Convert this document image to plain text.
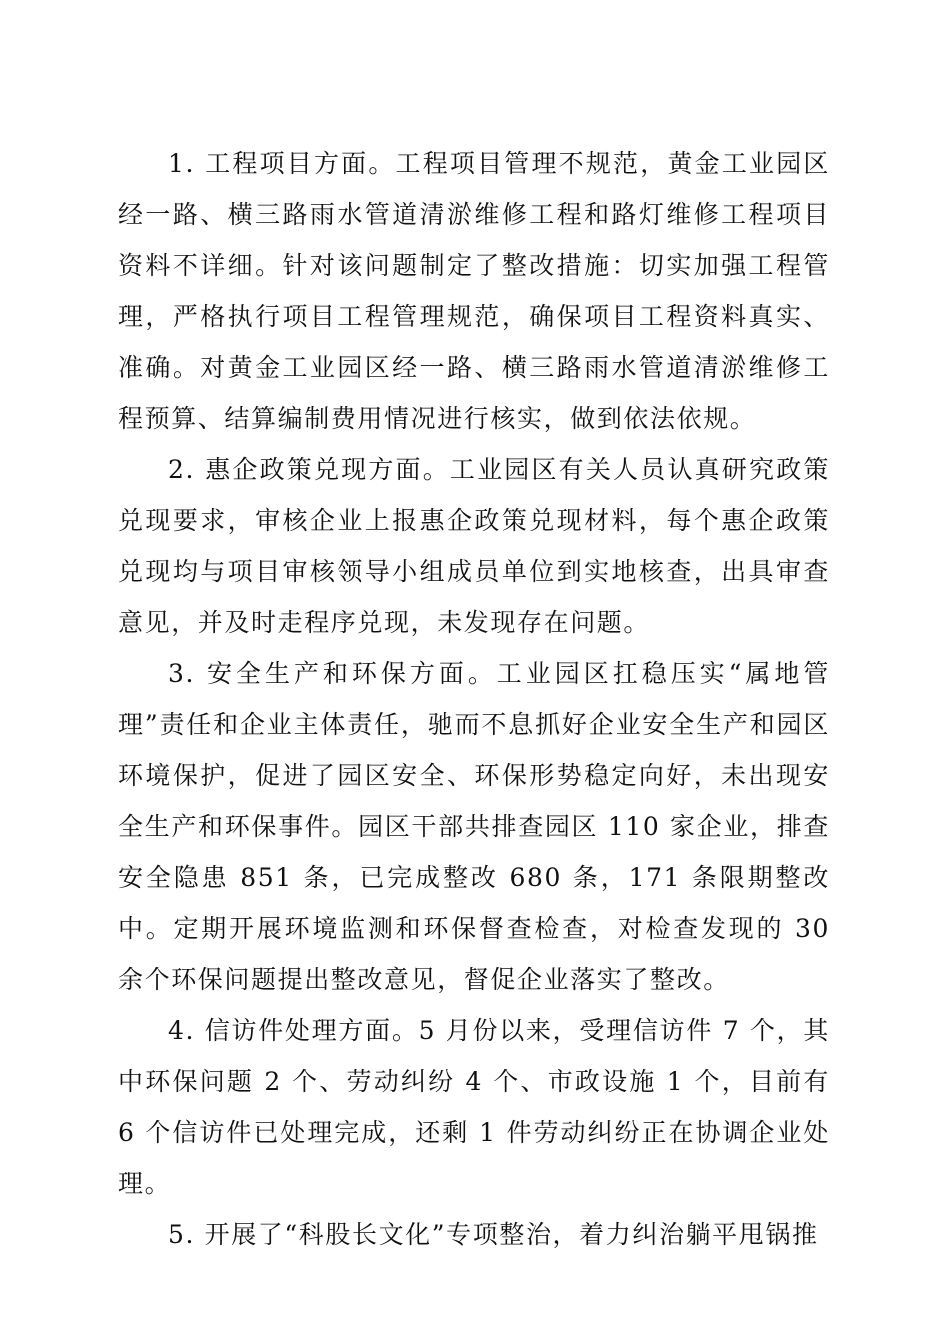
1. 工程项目方面。工程项目管理不规范，黄金工业园区经一路、横三路雨水管道清淤维修工程和路灯维修工程项目资料不详细。针对该问题制定了整改措施：切实加强工程管理，严格执行项目工程管理规范，确保项目工程资料真实、准确。对黄金工业园区经一路、横三路雨水管道清淤维修工程预算、结算编制费用情况进行核实，做到依法依规。

2. 惠企政策兑现方面。工业园区有关人员认真研究政策兑现要求，审核企业上报惠企政策兑现材料，每个惠企政策兑现均与项目审核领导小组成员单位到实地核查，出具审查意见，并及时走程序兑现，未发现存在问题。

3. 安全生产和环保方面。工业园区扛稳压实“属地管理”责任和企业主体责任，驰而不息抓好企业安全生产和园区环境保护，促进了园区安全、环保形势稳定向好，未出现安全生产和环保事件。园区干部共排查园区 110 家企业，排查安全隐患 851 条，已完成整改 680 条，171 条限期整改中。定期开展环境监测和环保督查检查，对检查发现的 30 余个环保问题提出整改意见，督促企业落实了整改。

4. 信访件处理方面。5 月份以来，受理信访件 7 个，其中环保问题 2 个、劳动纠纷 4 个、市政设施 1 个，目前有 6 个信访件已处理完成，还剩 1 件劳动纠纷正在协调企业处理。

5. 开展了“科股长文化”专项整治，着力纠治躺平甩锅推
